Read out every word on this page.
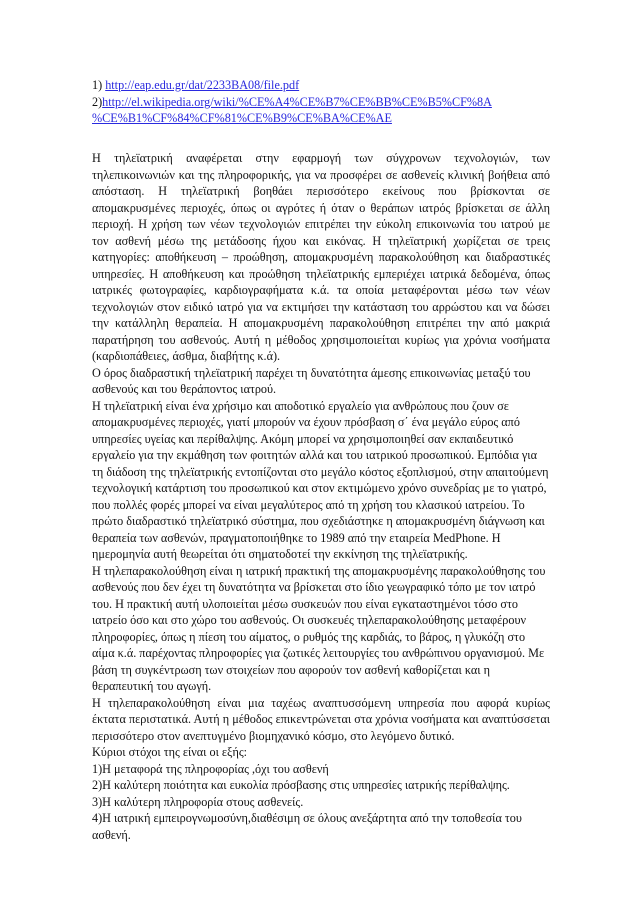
1) http://eap.edu.gr/dat/2233BA08/file.pdf
2)http://el.wikipedia.org/wiki/%CE%A4%CE%B7%CE%BB%CE%B5%CF%8A
%CE%B1%CF%84%CF%81%CE%B9%CE%BA%CE%AE

Η τηλεϊατρική αναφέρεται στην εφαρμογή των σύγχρονων τεχνολογιών, των τηλεπικοινωνιών και της πληροφορικής, για να προσφέρει σε ασθενείς κλινική βοήθεια από απόσταση. Η τηλεϊατρική βοηθάει περισσότερο εκείνους που βρίσκονται σε απομακρυσμένες περιοχές, όπως οι αγρότες ή όταν ο θεράπων ιατρός βρίσκεται σε άλλη περιοχή. Η χρήση των νέων τεχνολογιών επιτρέπει την εύκολη επικοινωνία του ιατρού με τον ασθενή μέσω της μετάδοσης ήχου και εικόνας. Η τηλεϊατρική χωρίζεται σε τρεις κατηγορίες: αποθήκευση – προώθηση, απομακρυσμένη παρακολούθηση και διαδραστικές υπηρεσίες. Η αποθήκευση και προώθηση τηλεϊατρικής εμπεριέχει ιατρικά δεδομένα, όπως ιατρικές φωτογραφίες, καρδιογραφήματα κ.ά. τα οποία μεταφέρονται μέσω των νέων τεχνολογιών στον ειδικό ιατρό για να εκτιμήσει την κατάσταση του αρρώστου και να δώσει την κατάλληλη θεραπεία. Η απομακρυσμένη παρακολούθηση επιτρέπει την από μακριά παρατήρηση του ασθενούς. Αυτή η μέθοδος χρησιμοποιείται κυρίως για χρόνια νοσήματα (καρδιοπάθειες, άσθμα, διαβήτης κ.ά).

Ο όρος διαδραστική τηλεϊατρική παρέχει τη δυνατότητα άμεσης επικοινωνίας μεταξύ του ασθενούς και του θεράποντος ιατρού.

Η τηλεϊατρική είναι ένα χρήσιμο και αποδοτικό εργαλείο για ανθρώπους που ζουν σε απομακρυσμένες περιοχές, γιατί μπορούν να έχουν πρόσβαση σ΄ ένα μεγάλο εύρος από υπηρεσίες υγείας και περίθαλψης. Ακόμη μπορεί να χρησιμοποιηθεί σαν εκπαιδευτικό εργαλείο για την εκμάθηση των φοιτητών αλλά και του ιατρικού προσωπικού. Εμπόδια για τη διάδοση της τηλεϊατρικής εντοπίζονται στο μεγάλο κόστος εξοπλισμού, στην απαιτούμενη τεχνολογική κατάρτιση του προσωπικού και στον εκτιμώμενο χρόνο συνεδρίας με το γιατρό, που πολλές φορές μπορεί να είναι μεγαλύτερος από τη χρήση του κλασικού ιατρείου. Το πρώτο διαδραστικό τηλεϊατρικό σύστημα, που σχεδιάστηκε η απομακρυσμένη διάγνωση και θεραπεία των ασθενών, πραγματοποιήθηκε το 1989 από την εταιρεία MedPhone. Η ημερομηνία αυτή θεωρείται ότι σηματοδοτεί την εκκίνηση της τηλεϊατρικής.

Η τηλεπαρακολούθηση είναι η ιατρική πρακτική της απομακρυσμένης παρακολούθησης του ασθενούς που δεν έχει τη δυνατότητα να βρίσκεται στο ίδιο γεωγραφικό τόπο με τον ιατρό του. Η πρακτική αυτή υλοποιείται μέσω συσκευών που είναι εγκαταστημένοι τόσο στο ιατρείο όσο και στο χώρο του ασθενούς. Οι συσκευές τηλεπαρακολούθησης μεταφέρουν πληροφορίες, όπως η πίεση του αίματος, ο ρυθμός της καρδιάς, το βάρος, η γλυκόζη στο αίμα κ.ά. παρέχοντας πληροφορίες για ζωτικές λειτουργίες του ανθρώπινου οργανισμού. Με βάση τη συγκέντρωση των στοιχείων που αφορούν τον ασθενή καθορίζεται και η θεραπευτική του αγωγή.

Η τηλεπαρακολούθηση είναι μια ταχέως αναπτυσσόμενη υπηρεσία που αφορά κυρίως έκτατα περιστατικά. Αυτή η μέθοδος επικεντρώνεται στα χρόνια νοσήματα και αναπτύσσεται περισσότερο στον ανεπτυγμένο βιομηχανικό κόσμο, στο λεγόμενο δυτικό.

Κύριοι στόχοι της είναι οι εξής:

1)Η μεταφορά της πληροφορίας ,όχι του ασθενή

2)Η καλύτερη ποιότητα και ευκολία πρόσβασης στις υπηρεσίες ιατρικής περίθαλψης.

3)Η καλύτερη πληροφορία στους ασθενείς.

4)Η ιατρική εμπειρογνωμοσύνη,διαθέσιμη σε όλους ανεξάρτητα από την τοποθεσία του ασθενή.
